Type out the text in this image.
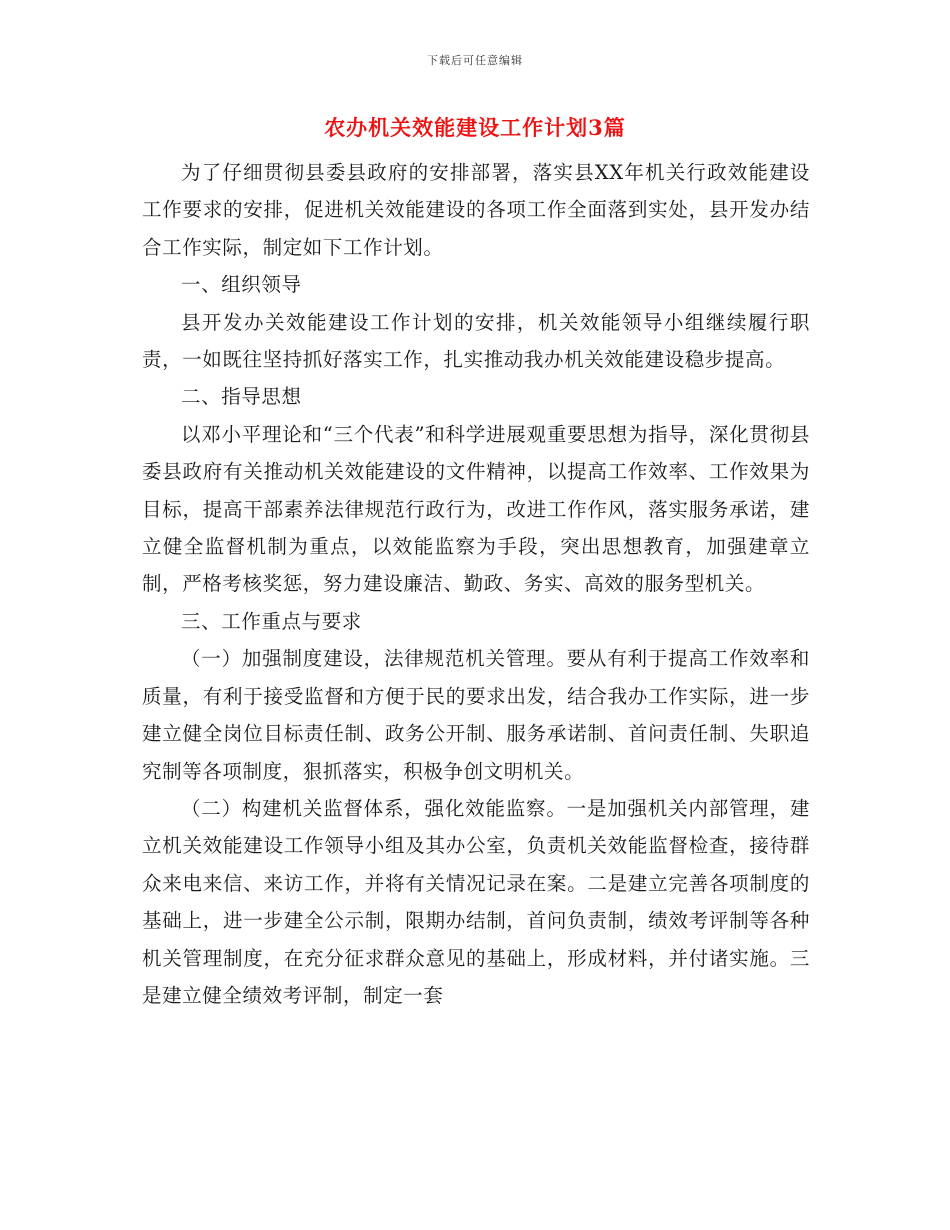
下载后可任意编辑
农办机关效能建设工作计划3篇

为了仔细贯彻县委县政府的安排部署，落实县XX年机关行政效能建设工作要求的安排，促进机关效能建设的各项工作全面落到实处，县开发办结合工作实际，制定如下工作计划。

一、组织领导

县开发办关效能建设工作计划的安排，机关效能领导小组继续履行职责，一如既往坚持抓好落实工作，扎实推动我办机关效能建设稳步提高。

二、指导思想

以邓小平理论和“三个代表”和科学进展观重要思想为指导，深化贯彻县委县政府有关推动机关效能建设的文件精神，以提高工作效率、工作效果为目标，提高干部素养法律规范行政行为，改进工作作风，落实服务承诺，建立健全监督机制为重点，以效能监察为手段，突出思想教育，加强建章立制，严格考核奖惩，努力建设廉洁、勤政、务实、高效的服务型机关。

三、工作重点与要求

（一）加强制度建设，法律规范机关管理。要从有利于提高工作效率和质量，有利于接受监督和方便于民的要求出发，结合我办工作实际，进一步建立健全岗位目标责任制、政务公开制、服务承诺制、首问责任制、失职追究制等各项制度，狠抓落实，积极争创文明机关。

（二）构建机关监督体系，强化效能监察。一是加强机关内部管理，建立机关效能建设工作领导小组及其办公室，负责机关效能监督检查，接待群众来电来信、来访工作，并将有关情况记录在案。二是建立完善各项制度的基础上，进一步建全公示制，限期办结制，首问负责制，绩效考评制等各种机关管理制度，在充分征求群众意见的基础上，形成材料，并付诸实施。三是建立健全绩效考评制，制定一套
